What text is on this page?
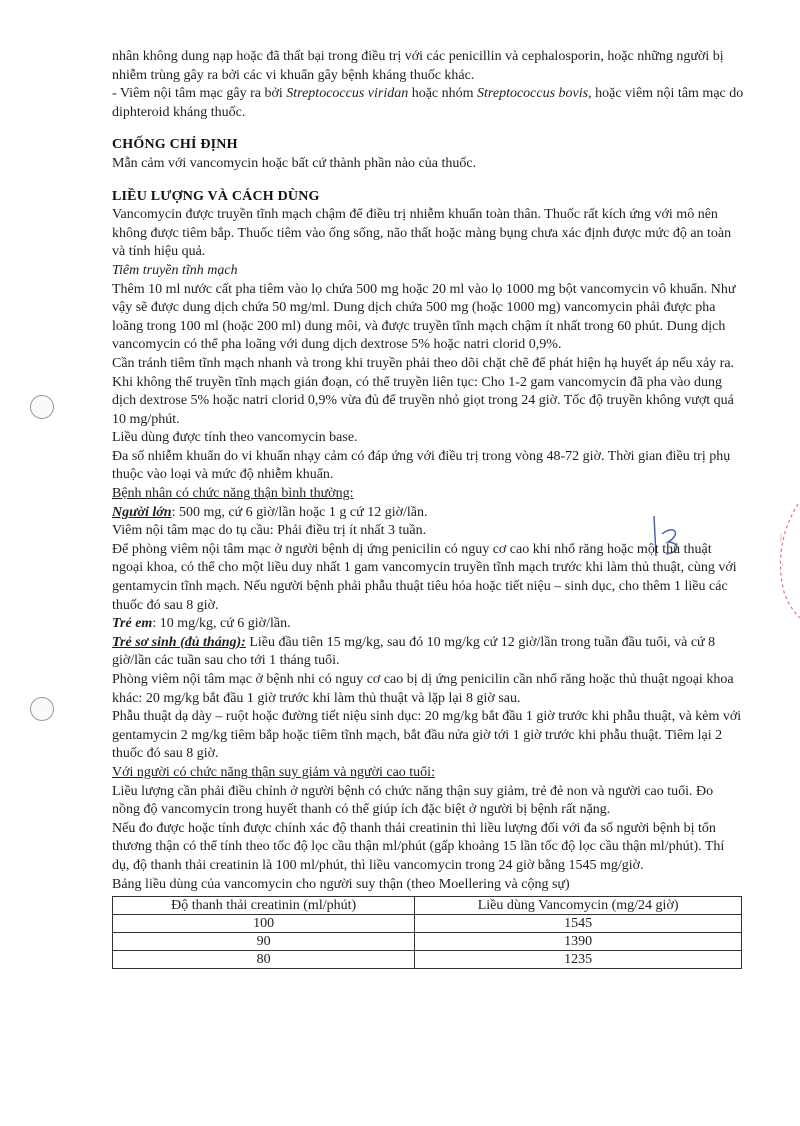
|
'

nhân không dung nạp hoặc đã thất bại trong điều trị với các penicillin và cephalosporin, hoặc những người bị nhiễm trùng gây ra bởi các vi khuẩn gây bệnh kháng thuốc khác.

- Viêm nội tâm mạc gây ra bởi Streptococcus viridan hoặc nhóm Streptococcus bovis, hoặc viêm nội tâm mạc do diphteroid kháng thuốc.

CHỐNG CHỈ ĐỊNH

Mẫn cảm với vancomycin hoặc bất cứ thành phần nào của thuốc.

LIỀU LƯỢNG VÀ CÁCH DÙNG

Vancomycin được truyền tĩnh mạch chậm để điều trị nhiễm khuẩn toàn thân. Thuốc rất kích ứng với mô nên không được tiêm bắp. Thuốc tiêm vào ống sống, não thất hoặc màng bụng chưa xác định được mức độ an toàn và tính hiệu quả.

Tiêm truyền tĩnh mạch

Thêm 10 ml nước cất pha tiêm vào lọ chứa 500 mg hoặc 20 ml vào lọ 1000 mg bột vancomycin vô khuẩn. Như vậy sẽ được dung dịch chứa 50 mg/ml. Dung dịch chứa 500 mg (hoặc 1000 mg) vancomycin phải được pha loãng trong 100 ml (hoặc 200 ml) dung môi, và được truyền tĩnh mạch chậm ít nhất trong 60 phút. Dung dịch vancomycin có thể pha loãng với dung dịch dextrose 5% hoặc natri clorid 0,9%.

Cần tránh tiêm tĩnh mạch nhanh và trong khi truyền phải theo dõi chặt chẽ để phát hiện hạ huyết áp nếu xảy ra.

Khi không thể truyền tĩnh mạch gián đoạn, có thể truyền liên tục: Cho 1-2 gam vancomycin đã pha vào dung dịch dextrose 5% hoặc natri clorid 0,9% vừa đủ để truyền nhỏ giọt trong 24 giờ. Tốc độ truyền không vượt quá 10 mg/phút.

Liều dùng được tính theo vancomycin base.

Đa số nhiễm khuẩn do vi khuẩn nhạy cảm có đáp ứng với điều trị trong vòng 48-72 giờ. Thời gian điều trị phụ thuộc vào loại và mức độ nhiễm khuẩn.

Bệnh nhân có chức năng thận bình thường:

Người lớn: 500 mg, cứ 6 giờ/lần hoặc 1 g cứ 12 giờ/lần.

Viêm nội tâm mạc do tụ cầu: Phải điều trị ít nhất 3 tuần.

Để phòng viêm nội tâm mạc ở người bệnh dị ứng penicilin có nguy cơ cao khi nhổ răng hoặc một thủ thuật ngoại khoa, có thể cho một liều duy nhất 1 gam vancomycin truyền tĩnh mạch trước khi làm thủ thuật, cùng với gentamycin tĩnh mạch. Nếu người bệnh phải phẫu thuật tiêu hóa hoặc tiết niệu – sinh dục, cho thêm 1 liều các thuốc đó sau 8 giờ.

Trẻ em: 10 mg/kg, cứ 6 giờ/lần.

Trẻ sơ sinh (đủ tháng): Liều đầu tiên 15 mg/kg, sau đó 10 mg/kg cứ 12 giờ/lần trong tuần đầu tuổi, và cứ 8 giờ/lần các tuần sau cho tới 1 tháng tuổi.

Phòng viêm nội tâm mạc ở bệnh nhi có nguy cơ cao bị dị ứng penicilin cần nhổ răng hoặc thủ thuật ngoại khoa khác: 20 mg/kg bắt đầu 1 giờ trước khi làm thủ thuật và lặp lại 8 giờ sau.

Phẫu thuật dạ dày – ruột hoặc đường tiết niệu sinh dục: 20 mg/kg bắt đầu 1 giờ trước khi phẫu thuật, và kèm với gentamycin 2 mg/kg tiêm bắp hoặc tiêm tĩnh mạch, bắt đầu nửa giờ tới 1 giờ trước khi phẫu thuật. Tiêm lại 2 thuốc đó sau 8 giờ.

Với người có chức năng thận suy giảm và người cao tuổi:

Liều lượng cần phải điều chỉnh ở người bệnh có chức năng thận suy giảm, trẻ đẻ non và người cao tuổi. Đo nồng độ vancomycin trong huyết thanh có thể giúp ích đặc biệt ở người bị bệnh rất nặng.

Nếu đo được hoặc tính được chính xác độ thanh thải creatinin thì liều lượng đối với đa số người bệnh bị tổn thương thận có thể tính theo tốc độ lọc cầu thận ml/phút (gấp khoảng 15 lần tốc độ lọc cầu thận ml/phút). Thí dụ, độ thanh thải creatinin là 100 ml/phút, thì liều vancomycin trong 24 giờ bằng 1545 mg/giờ.

Bảng liều dùng của vancomycin cho người suy thận (theo Moellering và cộng sự)

Độ thanh thải creatinin (ml/phút)	Liều dùng Vancomycin (mg/24 giờ)
100	1545
90	1390
80	1235
